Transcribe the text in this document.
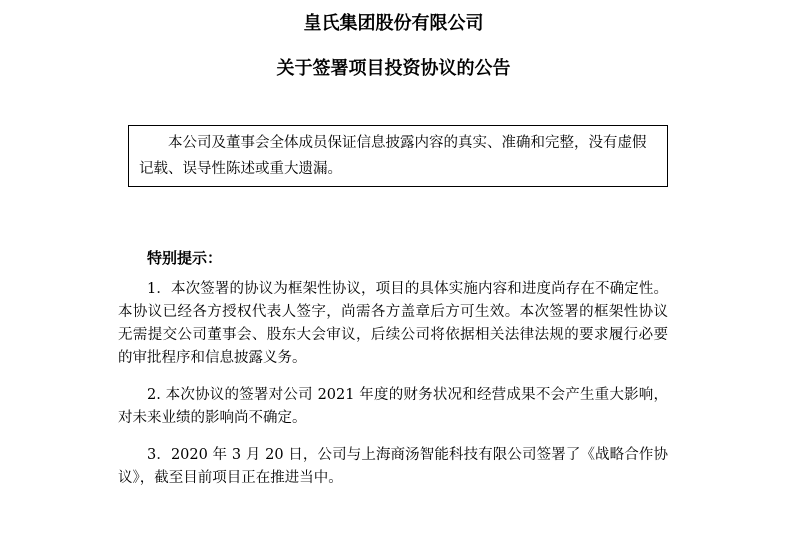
皇氏集团股份有限公司
关于签署项目投资协议的公告

本公司及董事会全体成员保证信息披露内容的真实、准确和完整，没有虚假记载、误导性陈述或重大遗漏。

特别提示：

1．本次签署的协议为框架性协议，项目的具体实施内容和进度尚存在不确定性。本协议已经各方授权代表人签字，尚需各方盖章后方可生效。本次签署的框架性协议无需提交公司董事会、股东大会审议，后续公司将依据相关法律法规的要求履行必要的审批程序和信息披露义务。

2. 本次协议的签署对公司 2021 年度的财务状况和经营成果不会产生重大影响，对未来业绩的影响尚不确定。

3．2020 年 3 月 20 日，公司与上海商汤智能科技有限公司签署了《战略合作协议》，截至目前项目正在推进当中。
